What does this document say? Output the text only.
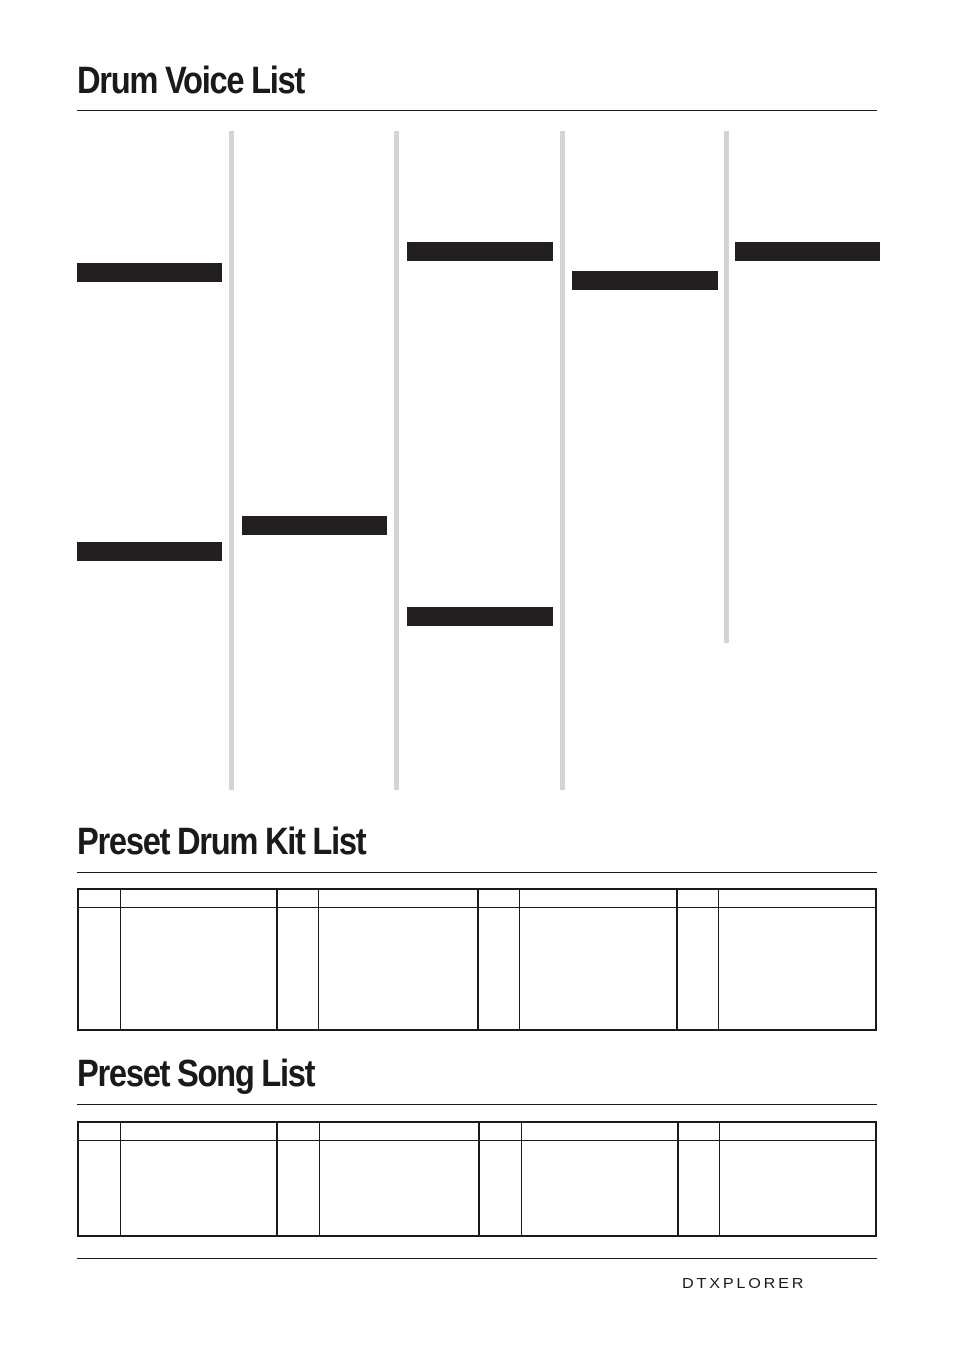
Drum Voice List
Preset Drum Kit List
Preset Song List
DTXPLORER
